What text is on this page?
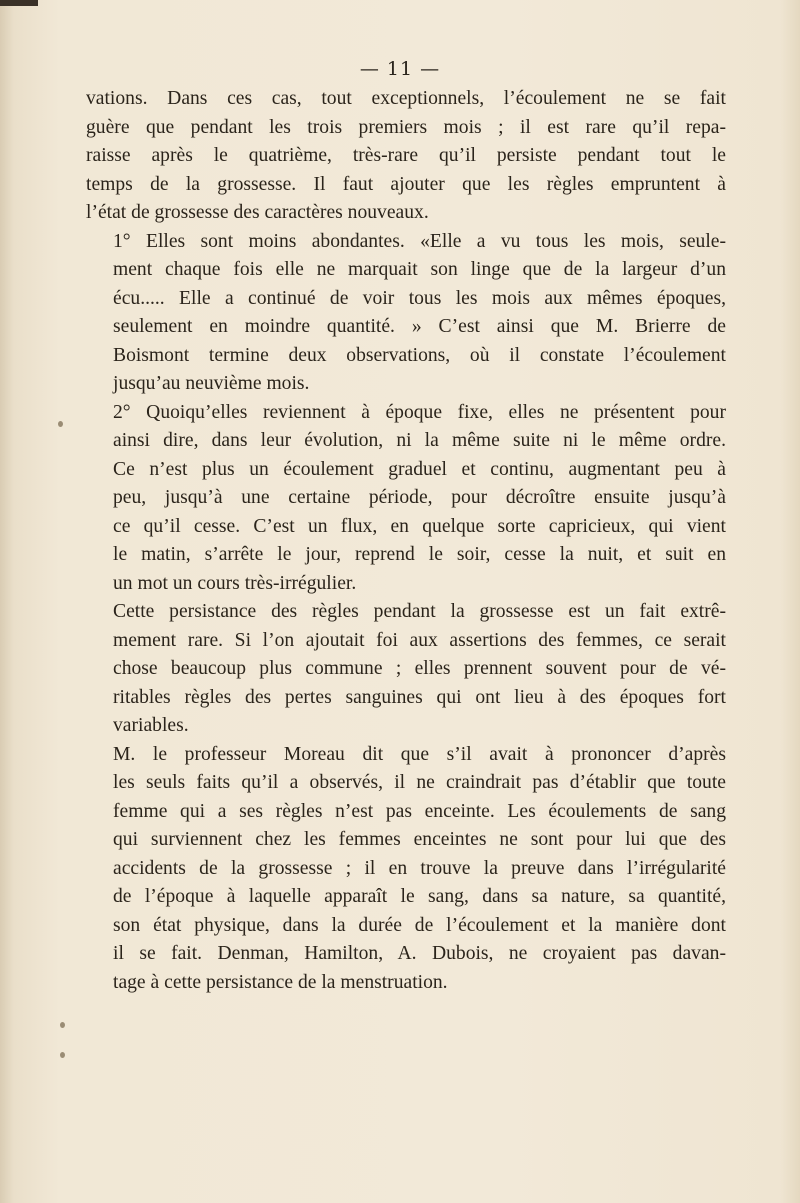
— 11 —

vations. Dans ces cas, tout exceptionnels, l’écoulement ne se fait
guère que pendant les trois premiers mois ; il est rare qu’il repa-
raisse après le quatrième, très-rare qu’il persiste pendant tout le
temps de la grossesse. Il faut ajouter que les règles empruntent à
l’état de grossesse des caractères nouveaux.

1° Elles sont moins abondantes. «Elle a vu tous les mois, seule-
ment chaque fois elle ne marquait son linge que de la largeur d’un
écu..... Elle a continué de voir tous les mois aux mêmes époques,
seulement en moindre quantité. » C’est ainsi que M. Brierre de
Boismont termine deux observations, où il constate l’écoulement
jusqu’au neuvième mois.

2° Quoiqu’elles reviennent à époque fixe, elles ne présentent pour
ainsi dire, dans leur évolution, ni la même suite ni le même ordre.
Ce n’est plus un écoulement graduel et continu, augmentant peu à
peu, jusqu’à une certaine période, pour décroître ensuite jusqu’à
ce qu’il cesse. C’est un flux, en quelque sorte capricieux, qui vient
le matin, s’arrête le jour, reprend le soir, cesse la nuit, et suit en
un mot un cours très-irrégulier.

Cette persistance des règles pendant la grossesse est un fait extrê-
mement rare. Si l’on ajoutait foi aux assertions des femmes, ce serait
chose beaucoup plus commune ; elles prennent souvent pour de vé-
ritables règles des pertes sanguines qui ont lieu à des époques fort
variables.

M. le professeur Moreau dit que s’il avait à prononcer d’après
les seuls faits qu’il a observés, il ne craindrait pas d’établir que toute
femme qui a ses règles n’est pas enceinte. Les écoulements de sang
qui surviennent chez les femmes enceintes ne sont pour lui que des
accidents de la grossesse ; il en trouve la preuve dans l’irrégularité
de l’époque à laquelle apparaît le sang, dans sa nature, sa quantité,
son état physique, dans la durée de l’écoulement et la manière dont
il se fait. Denman, Hamilton, A. Dubois, ne croyaient pas davan-
tage à cette persistance de la menstruation.
